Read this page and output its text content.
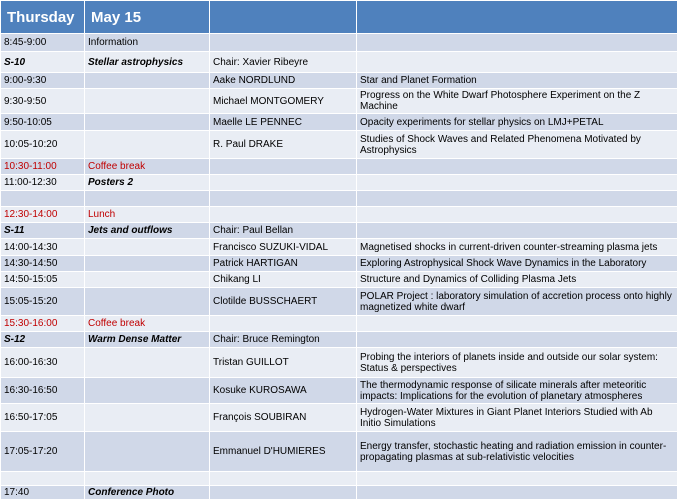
Thursday	May 15		
8:45-9:00	Information		
S-10	Stellar astrophysics	Chair: Xavier Ribeyre	
9:00-9:30		Aake NORDLUND	Star and Planet Formation
9:30-9:50		Michael MONTGOMERY	Progress on the White Dwarf Photosphere Experiment on the Z Machine
9:50-10:05		Maelle LE PENNEC	Opacity experiments for stellar physics on LMJ+PETAL
10:05-10:20		R. Paul DRAKE	Studies of Shock Waves and Related Phenomena Motivated by Astrophysics
10:30-11:00	Coffee break		
11:00-12:30	Posters 2		

12:30-14:00	Lunch		
S-11	Jets and outflows	Chair: Paul Bellan	
14:00-14:30		Francisco SUZUKI-VIDAL	Magnetised shocks in current-driven counter-streaming plasma jets
14:30-14:50		Patrick HARTIGAN	Exploring Astrophysical Shock Wave Dynamics in the Laboratory
14:50-15:05		Chikang LI	Structure and Dynamics of Colliding Plasma Jets
15:05-15:20		Clotilde BUSSCHAERT	POLAR Project : laboratory simulation of accretion process onto highly magnetized white dwarf
15:30-16:00	Coffee break		
S-12	Warm Dense Matter	Chair: Bruce Remington	
16:00-16:30		Tristan GUILLOT	Probing the interiors of planets inside and outside our solar system: Status & perspectives
16:30-16:50		Kosuke KUROSAWA	The thermodynamic response of silicate minerals after meteoritic impacts: Implications for the evolution of planetary atmospheres
16:50-17:05		François SOUBIRAN	Hydrogen-Water Mixtures in Giant Planet Interiors Studied with Ab Initio Simulations
17:05-17:20		Emmanuel D'HUMIERES	Energy transfer, stochastic heating and radiation emission in counter-propagating plasmas at sub-relativistic velocities

17:40	Conference Photo		
